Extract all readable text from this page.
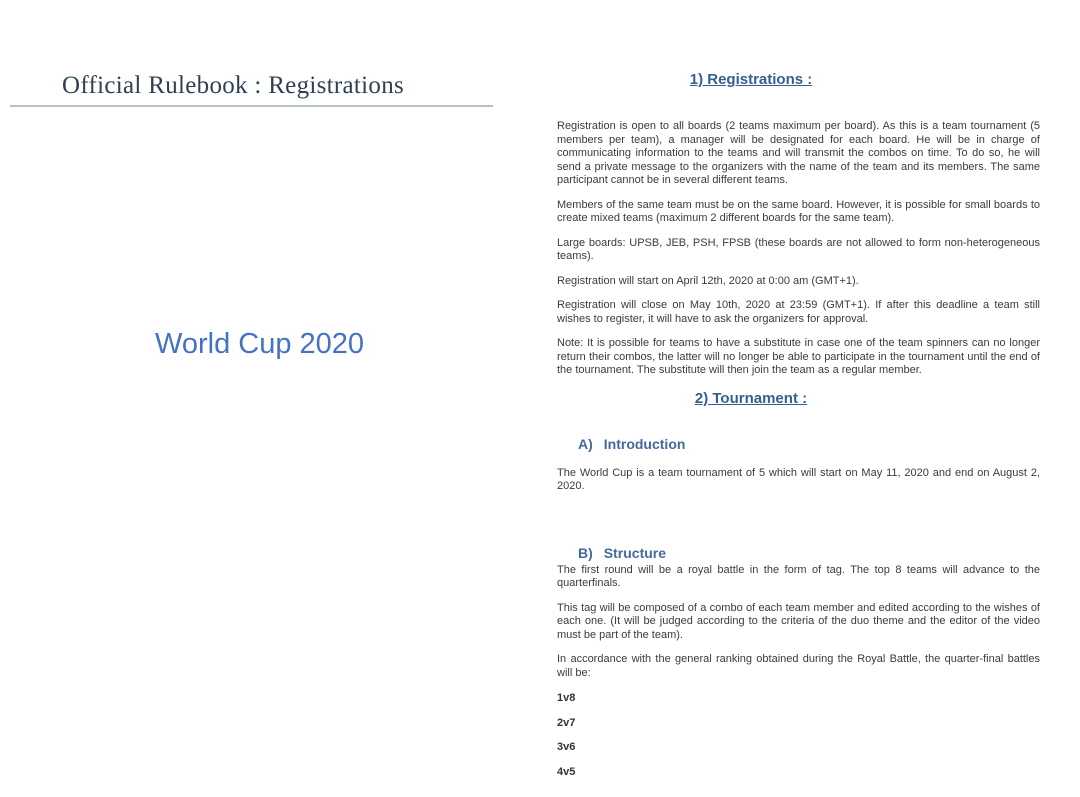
Official Rulebook : Registrations
World Cup 2020
1) Registrations :

Registration is open to all boards (2 teams maximum per board). As this is a team tournament (5 members per team), a manager will be designated for each board. He will be in charge of communicating information to the teams and will transmit the combos on time. To do so, he will send a private message to the organizers with the name of the team and its members. The same participant cannot be in several different teams.

Members of the same team must be on the same board. However, it is possible for small boards to create mixed teams (maximum 2 different boards for the same team).

Large boards: UPSB, JEB, PSH, FPSB (these boards are not allowed to form non-heterogeneous teams).

Registration will start on April 12th, 2020 at 0:00 am (GMT+1).

Registration will close on May 10th, 2020 at 23:59 (GMT+1). If after this deadline a team still wishes to register, it will have to ask the organizers for approval.

Note: It is possible for teams to have a substitute in case one of the team spinners can no longer return their combos, the latter will no longer be able to participate in the tournament until the end of the tournament. The substitute will then join the team as a regular member.

2) Tournament :
A) Introduction

The World Cup is a team tournament of 5 which will start on May 11, 2020 and end on August 2, 2020.

B) Structure

The first round will be a royal battle in the form of tag. The top 8 teams will advance to the quarterfinals.

This tag will be composed of a combo of each team member and edited according to the wishes of each one. (It will be judged according to the criteria of the duo theme and the editor of the video must be part of the team).

In accordance with the general ranking obtained during the Royal Battle, the quarter-final battles will be:

1v8
2v7
3v6
4v5
